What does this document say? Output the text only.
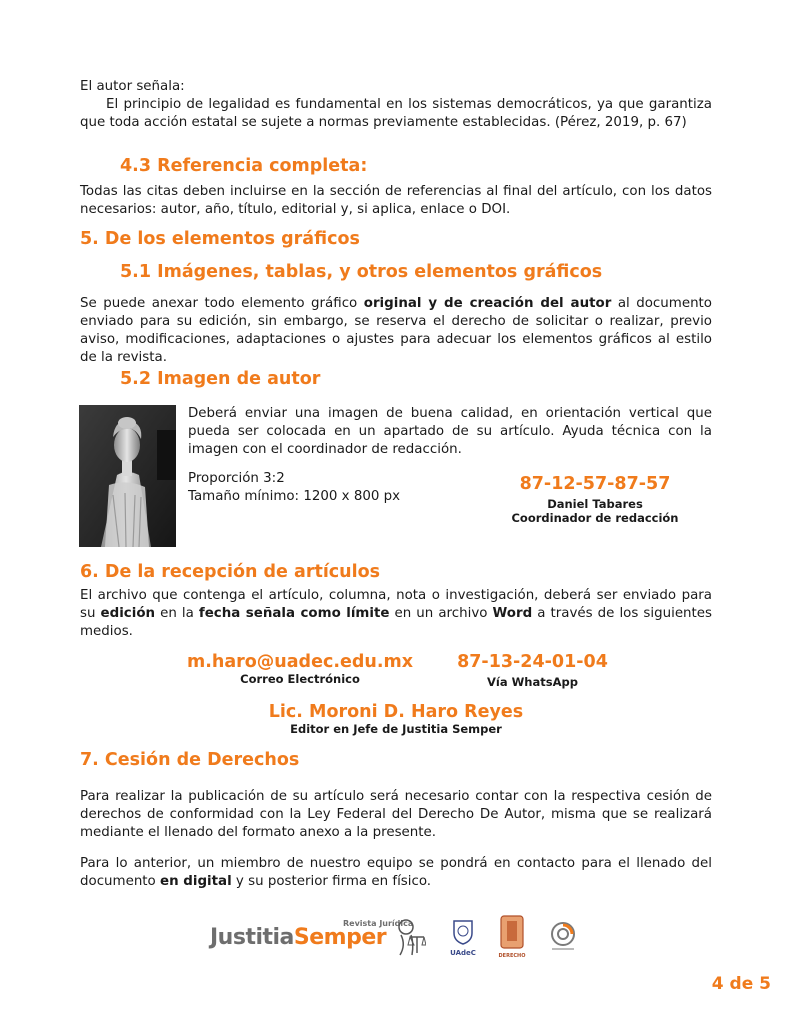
El autor señala:
El principio de legalidad es fundamental en los sistemas democráticos, ya que garantiza que toda acción estatal se sujete a normas previamente establecidas. (Pérez, 2019, p. 67)
4.3 Referencia completa:
Todas las citas deben incluirse en la sección de referencias al final del artículo, con los datos necesarios: autor, año, título, editorial y, si aplica, enlace o DOI.
5. De los elementos gráficos
5.1 Imágenes, tablas, y otros elementos gráficos
Se puede anexar todo elemento gráfico original y de creación del autor al documento enviado para su edición, sin embargo, se reserva el derecho de solicitar o realizar, previo aviso, modificaciones, adaptaciones o ajustes para adecuar los elementos gráficos al estilo de la revista.
5.2 Imagen de autor
Deberá enviar una imagen de buena calidad, en orientación vertical que pueda ser colocada en un apartado de su artículo. Ayuda técnica con la imagen con el coordinador de redacción.
Proporción 3:2
Tamaño mínimo: 1200 x 800 px
87-12-57-87-57
Daniel Tabares
Coordinador de redacción
6. De la recepción de artículos
El archivo que contenga el artículo, columna, nota o investigación, deberá ser enviado para su edición en la fecha señala como límite en un archivo Word a través de los siguientes medios.
m.haro@uadec.edu.mx
Correo Electrónico
87-13-24-01-04
Vía WhatsApp
Lic. Moroni D. Haro Reyes
Editor en Jefe de Justitia Semper
7. Cesión de Derechos
Para realizar la publicación de su artículo será necesario contar con la respectiva cesión de derechos de conformidad con la Ley Federal del Derecho De Autor, misma que se realizará mediante el llenado del formato anexo a la presente.
Para lo anterior, un miembro de nuestro equipo se pondrá en contacto para el llenado del documento en digital y su posterior firma en físico.
JustitiaSemper
Revista Jurídica
UAdeC	DERECHO
4 de 5
